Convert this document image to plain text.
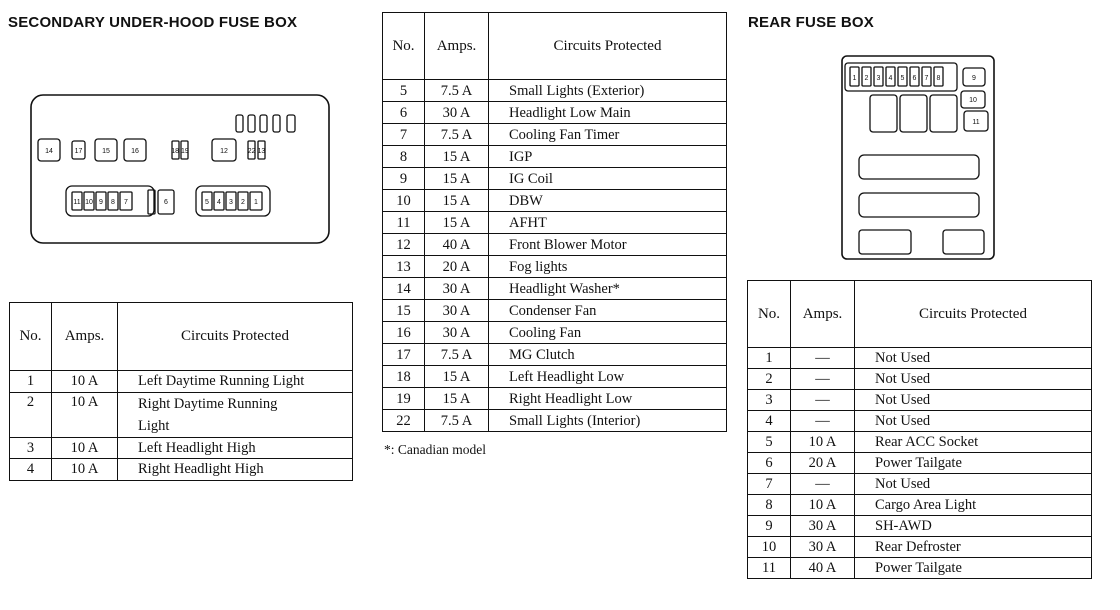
SECONDARY UNDER-HOOD FUSE BOX	REAR FUSE BOX
14	17	15	16	18 19	12	22 13
11 10 9 8 7	6	5 4 3 2 1
1 2 3 4 5 6 7 8	9
10
11
No.	Amps.	Circuits Protected
1	10 A	Left Daytime Running Light
2	10 A	Right Daytime Running
Light
3	10 A	Left Headlight High
4	10 A	Right Headlight High
No.	Amps.	Circuits Protected
5	7.5 A	Small Lights (Exterior)
6	30 A	Headlight Low Main
7	7.5 A	Cooling Fan Timer
8	15 A	IGP
9	15 A	IG Coil
10	15 A	DBW
11	15 A	AFHT
12	40 A	Front Blower Motor
13	20 A	Fog lights
14	30 A	Headlight Washer*
15	30 A	Condenser Fan
16	30 A	Cooling Fan
17	7.5 A	MG Clutch
18	15 A	Left Headlight Low
19	15 A	Right Headlight Low
22	7.5 A	Small Lights (Interior)
*: Canadian model
No.	Amps.	Circuits Protected
1	—	Not Used
2	—	Not Used
3	—	Not Used
4	—	Not Used
5	10 A	Rear ACC Socket
6	20 A	Power Tailgate
7	—	Not Used
8	10 A	Cargo Area Light
9	30 A	SH-AWD
10	30 A	Rear Defroster
11	40 A	Power Tailgate
